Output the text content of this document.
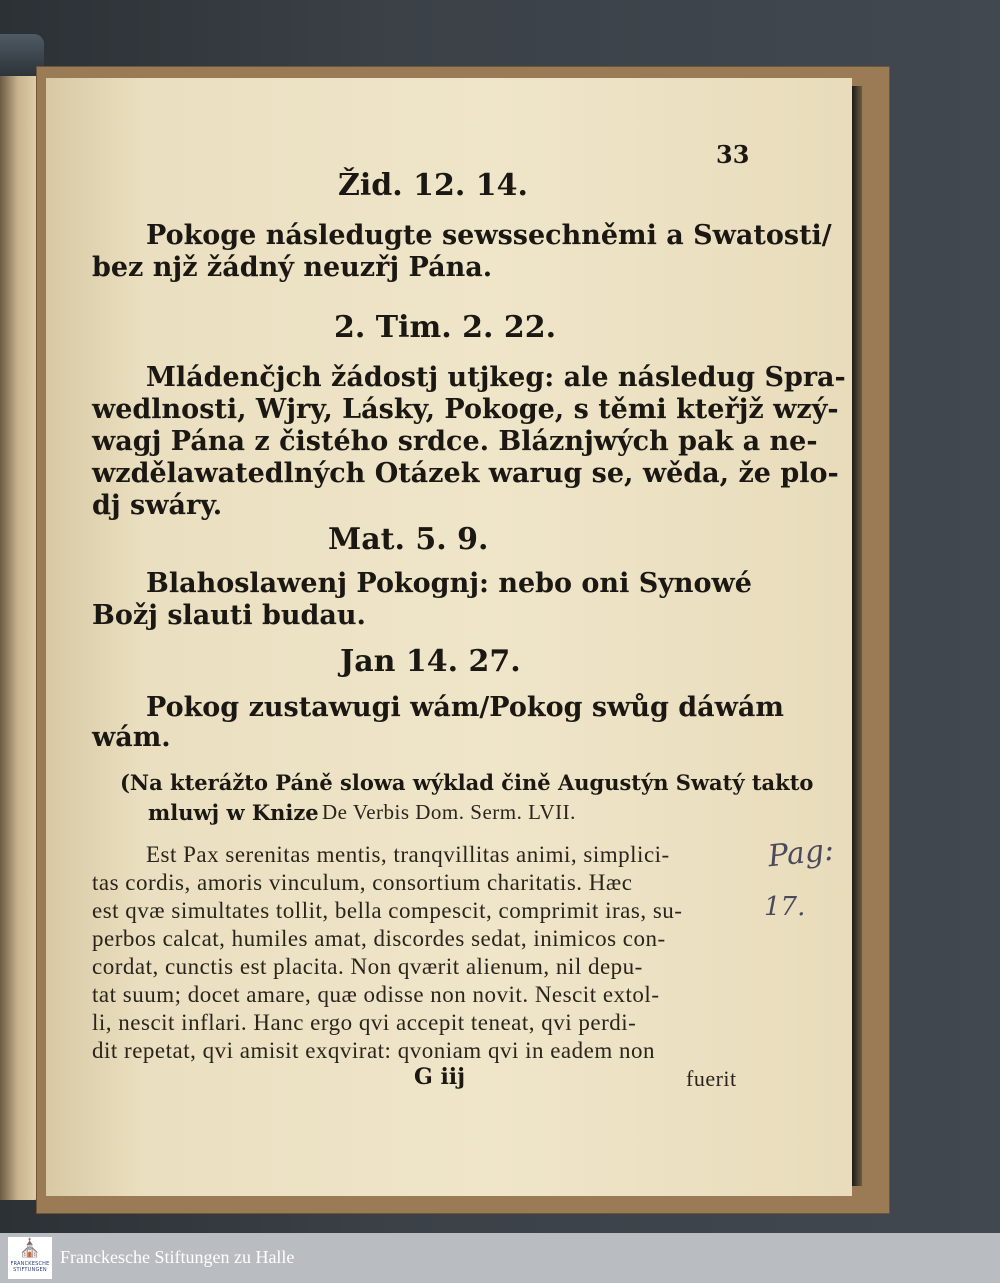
33
Žid. 12. 14.
Pokoge následugte sewssechněmi a Swatosti/
bez njž žádný neuzřj Pána.
2. Tim. 2. 22.
Mládenčjch žádostj utjkeg: ale následug Spra-
wedlnosti, Wjry, Lásky, Pokoge, s těmi kteřjž wzý-
wagj Pána z čistého srdce. Bláznjwých pak a ne-
wzdělawatedlných Otázek warug se, wěda, že plo-
dj swáry.
Mat. 5. 9.
Blahoslawenj Pokognj: nebo oni Synowé
Božj slauti budau.
Jan 14. 27.
Pokog zustawugi wám/Pokog swůg dáwám
wám.
(Na kterážto Páně slowa wýklad čině Augustýn Swatý takto
mluwj w Knize De Verbis Dom. Serm. LVII.
Est Pax serenitas mentis, tranqvillitas animi, simplici-
tas cordis, amoris vinculum, consortium charitatis. Hæc
est qvæ simultates tollit, bella compescit, comprimit iras, su-
perbos calcat, humiles amat, discordes sedat, inimicos con-
cordat, cunctis est placita. Non qværit alienum, nil depu-
tat suum; docet amare, quæ odisse non novit. Nescit extol-
li, nescit inflari. Hanc ergo qvi accepit teneat, qvi perdi-
dit repetat, qvi amisit exqvirat: qvoniam qvi in eadem non
G iij	fuerit
Pag:
17.
⛪
FRANCKESCHE STIFTUNGEN
Franckesche Stiftungen zu Halle
